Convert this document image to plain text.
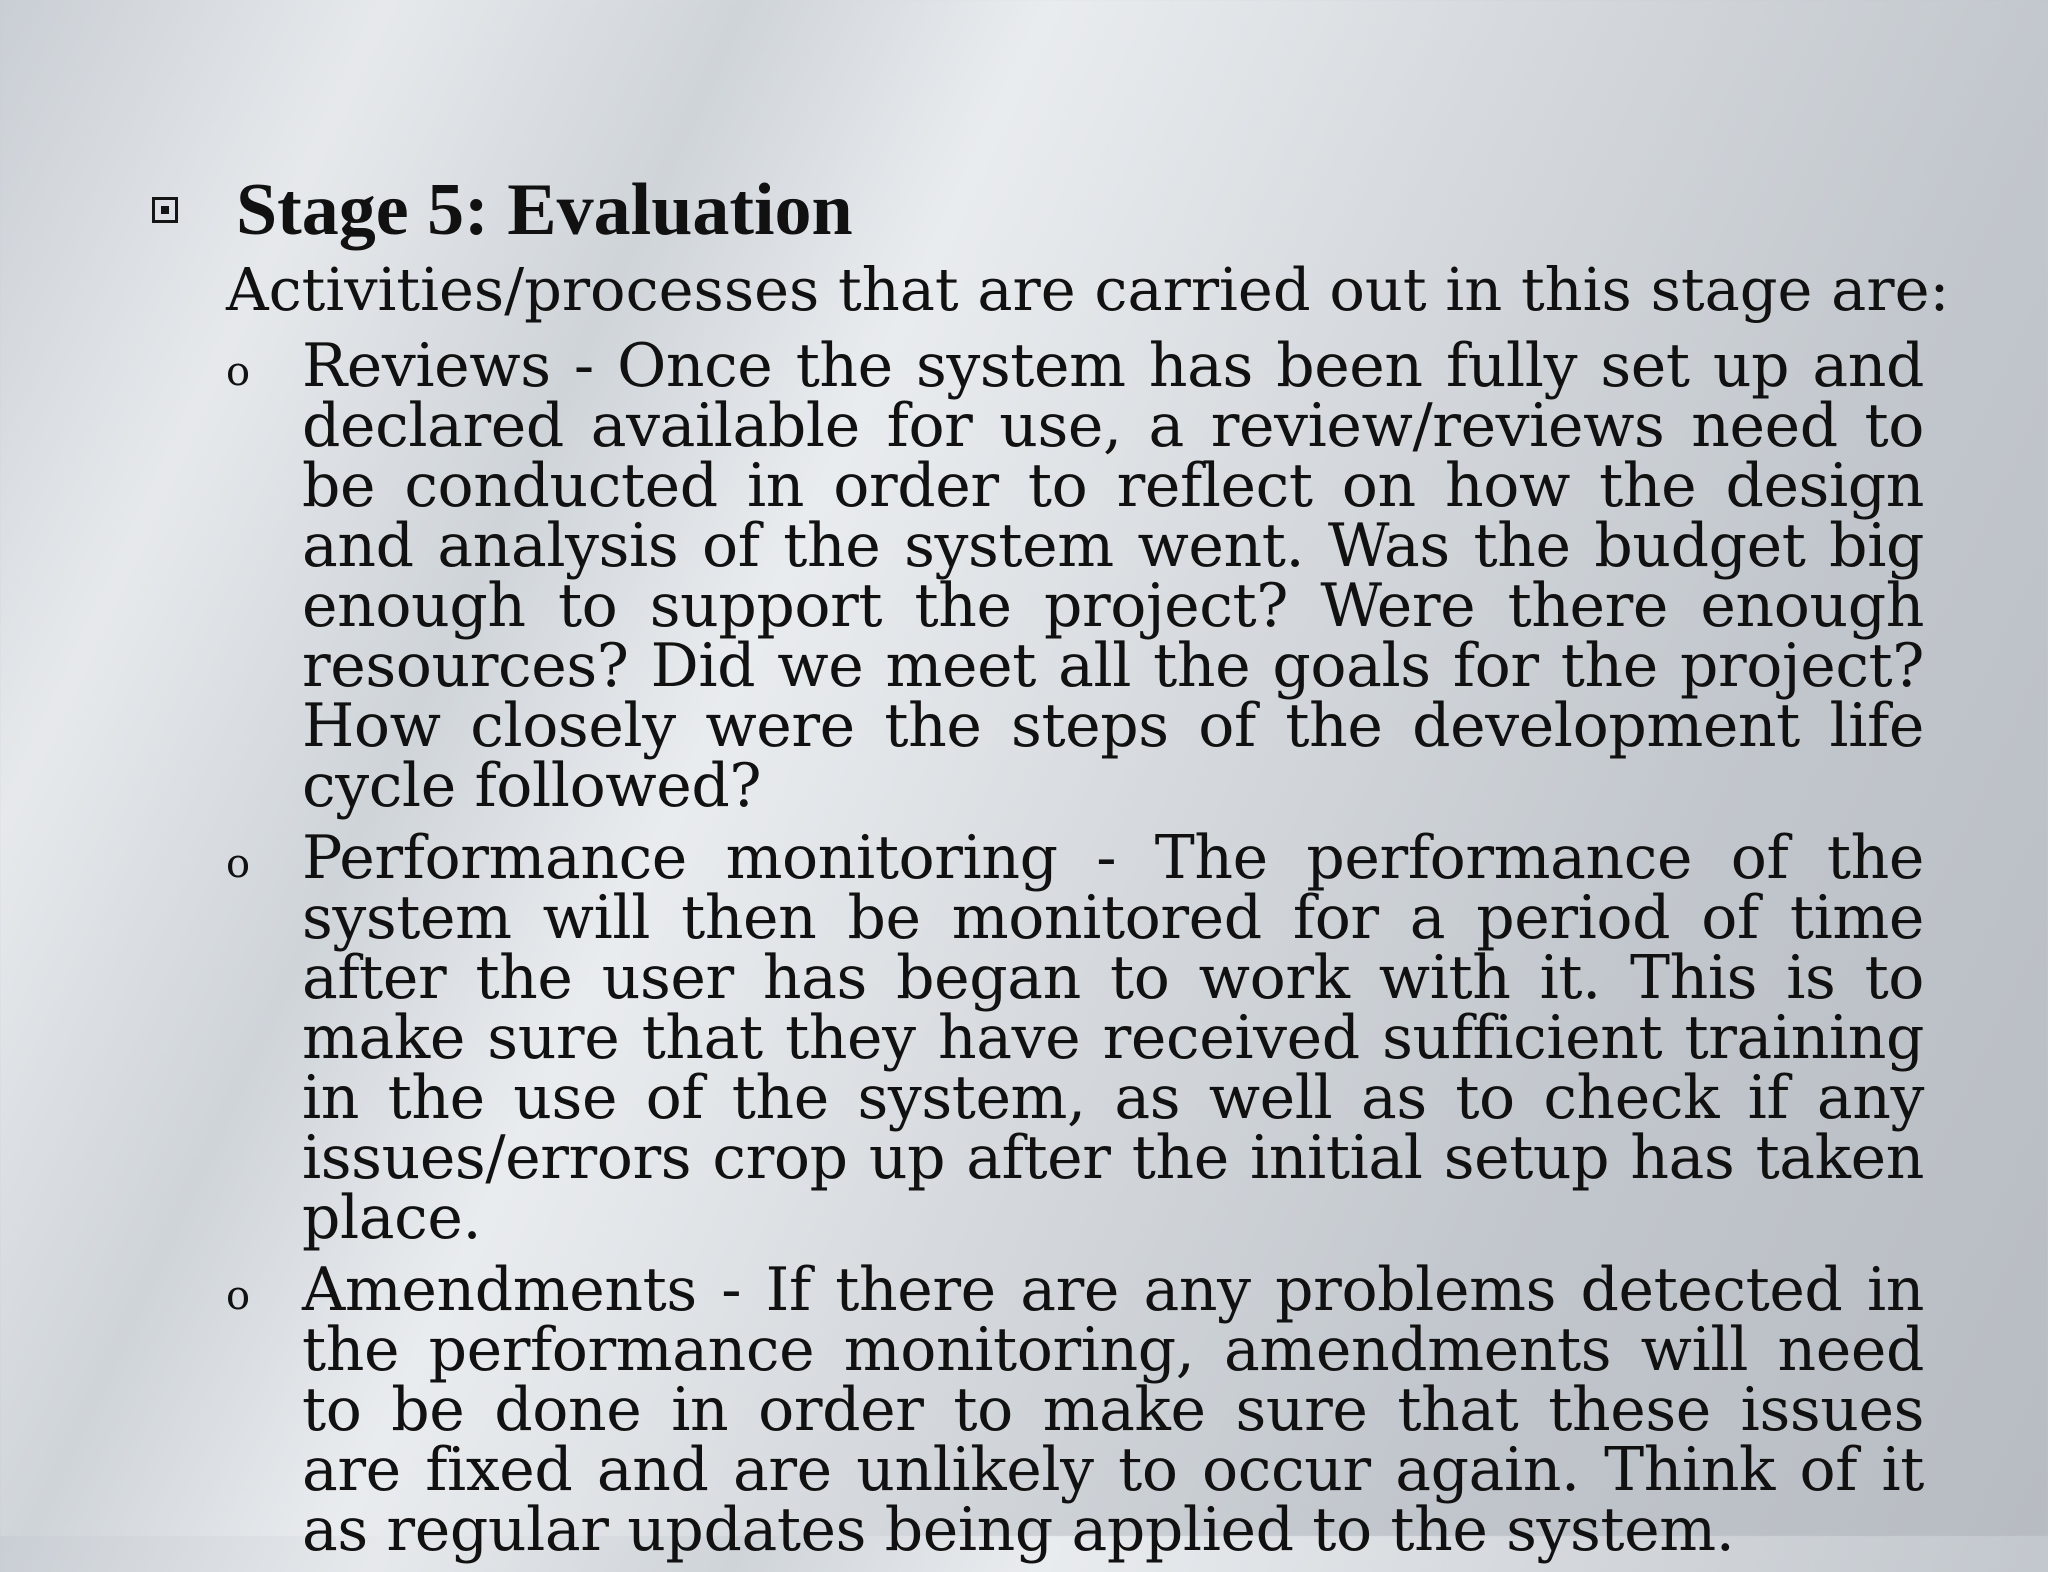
Stage 5: Evaluation

Activities/processes that are carried out in this stage are:

o Reviews - Once the system has been fully set up and declared available for use, a review/reviews need to be conducted in order to reflect on how the design and analysis of the system went. Was the budget big enough to support the project? Were there enough resources? Did we meet all the goals for the project? How closely were the steps of the development life cycle followed?

o Performance monitoring - The performance of the system will then be monitored for a period of time after the user has began to work with it. This is to make sure that they have received sufficient training in the use of the system, as well as to check if any issues/errors crop up after the initial setup has taken place.

o Amendments - If there are any problems detected in the performance monitoring, amendments will need to be done in order to make sure that these issues are fixed and are unlikely to occur again. Think of it as regular updates being applied to the system.
